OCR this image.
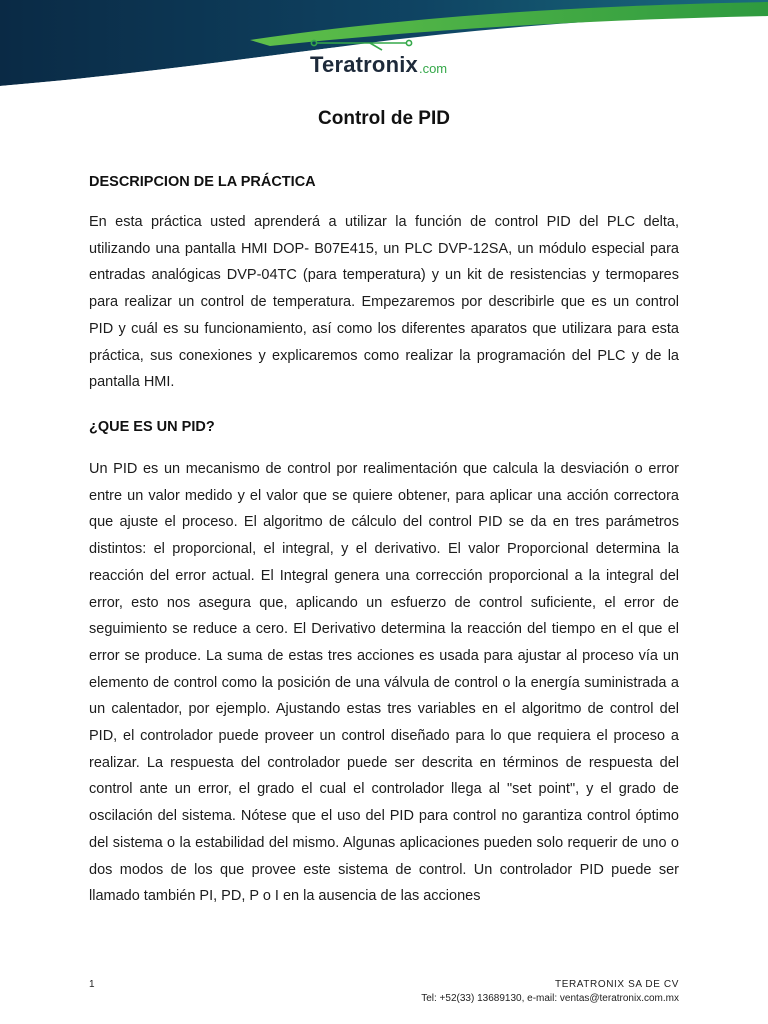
Teratronix .com
Control de PID
DESCRIPCION DE LA PRÁCTICA

En esta práctica usted aprenderá a utilizar la función de control PID del PLC delta, utilizando una pantalla HMI DOP- B07E415, un PLC DVP-12SA, un módulo especial para entradas analógicas DVP-04TC (para temperatura) y un kit de resistencias y termopares para realizar un control de temperatura. Empezaremos por describirle que es un control PID y cuál es su funcionamiento, así como los diferentes aparatos que utilizara para esta práctica, sus conexiones y explicaremos como realizar la programación del PLC y de la pantalla HMI.

¿QUE ES UN PID?

Un PID es un mecanismo de control por realimentación que calcula la desviación o error entre un valor medido y el valor que se quiere obtener, para aplicar una acción correctora que ajuste el proceso. El algoritmo de cálculo del control PID se da en tres parámetros distintos: el proporcional, el integral, y el derivativo. El valor Proporcional determina la reacción del error actual. El Integral genera una corrección proporcional a la integral del error, esto nos asegura que, aplicando un esfuerzo de control suficiente, el error de seguimiento se reduce a cero. El Derivativo determina la reacción del tiempo en el que el error se produce. La suma de estas tres acciones es usada para ajustar al proceso vía un elemento de control como la posición de una válvula de control o la energía suministrada a un calentador, por ejemplo. Ajustando estas tres variables en el algoritmo de control del PID, el controlador puede proveer un control diseñado para lo que requiera el proceso a realizar. La respuesta del controlador puede ser descrita en términos de respuesta del control ante un error, el grado el cual el controlador llega al "set point", y el grado de oscilación del sistema. Nótese que el uso del PID para control no garantiza control óptimo del sistema o la estabilidad del mismo. Algunas aplicaciones pueden solo requerir de uno o dos modos de los que provee este sistema de control. Un controlador PID puede ser llamado también PI, PD, P o I en la ausencia de las acciones

1	TERATRONIX SA DE CV
Tel: +52(33) 13689130, e-mail: ventas@teratronix.com.mx
